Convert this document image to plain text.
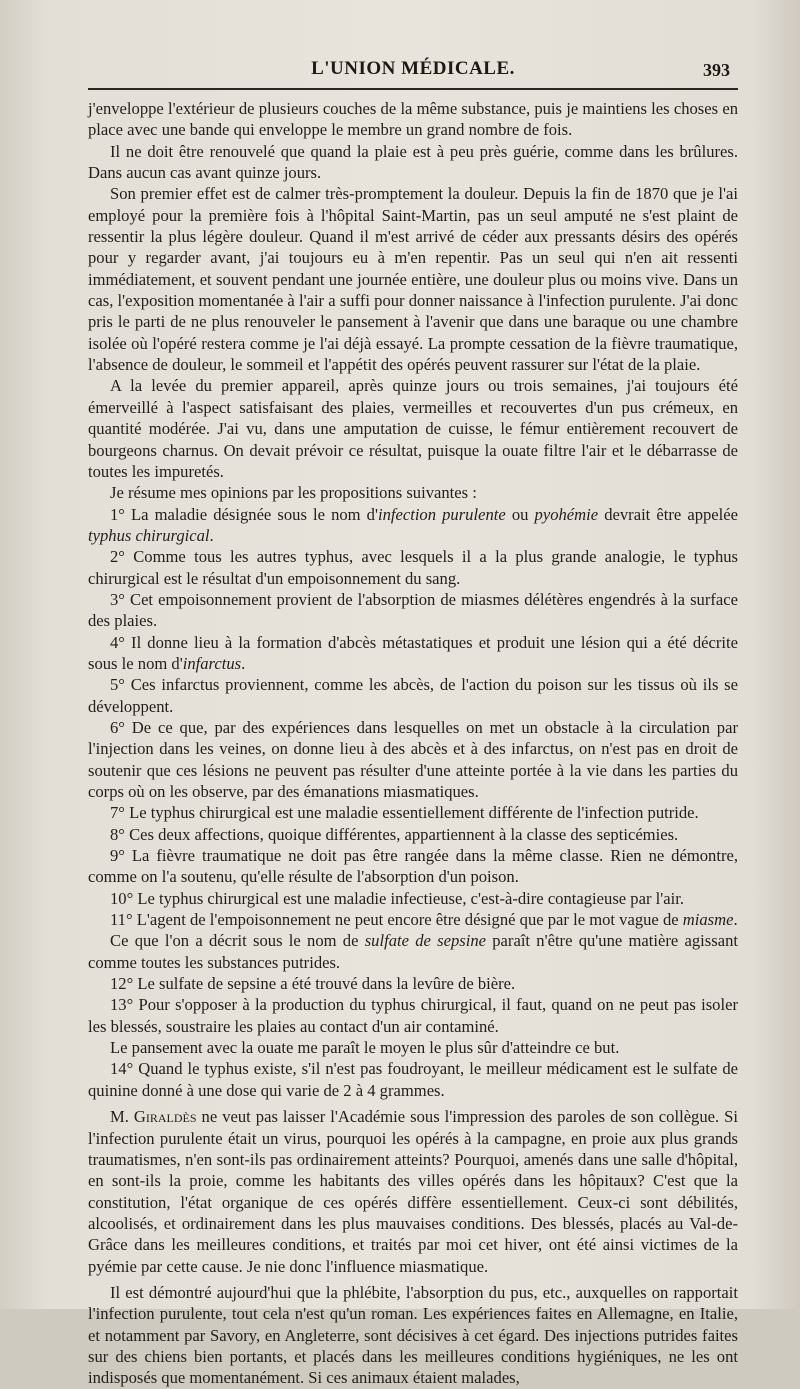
L'UNION MÉDICALE.	393

j'enveloppe l'extérieur de plusieurs couches de la même substance, puis je maintiens les choses en place avec une bande qui enveloppe le membre un grand nombre de fois.

Il ne doit être renouvelé que quand la plaie est à peu près guérie, comme dans les brûlures. Dans aucun cas avant quinze jours.

Son premier effet est de calmer très-promptement la douleur. Depuis la fin de 1870 que je l'ai employé pour la première fois à l'hôpital Saint-Martin, pas un seul amputé ne s'est plaint de ressentir la plus légère douleur. Quand il m'est arrivé de céder aux pressants désirs des opérés pour y regarder avant, j'ai toujours eu à m'en repentir. Pas un seul qui n'en ait ressenti immédiatement, et souvent pendant une journée entière, une douleur plus ou moins vive. Dans un cas, l'exposition momentanée à l'air a suffi pour donner naissance à l'infection purulente. J'ai donc pris le parti de ne plus renouveler le pansement à l'avenir que dans une baraque ou une chambre isolée où l'opéré restera comme je l'ai déjà essayé. La prompte cessation de la fièvre traumatique, l'absence de douleur, le sommeil et l'appétit des opérés peuvent rassurer sur l'état de la plaie.

A la levée du premier appareil, après quinze jours ou trois semaines, j'ai toujours été émerveillé à l'aspect satisfaisant des plaies, vermeilles et recouvertes d'un pus crémeux, en quantité modérée. J'ai vu, dans une amputation de cuisse, le fémur entièrement recouvert de bourgeons charnus. On devait prévoir ce résultat, puisque la ouate filtre l'air et le débarrasse de toutes les impuretés.

Je résume mes opinions par les propositions suivantes :

1° La maladie désignée sous le nom d'infection purulente ou pyohémie devrait être appelée typhus chirurgical.

2° Comme tous les autres typhus, avec lesquels il a la plus grande analogie, le typhus chirurgical est le résultat d'un empoisonnement du sang.

3° Cet empoisonnement provient de l'absorption de miasmes délétères engendrés à la surface des plaies.

4° Il donne lieu à la formation d'abcès métastatiques et produit une lésion qui a été décrite sous le nom d'infarctus.

5° Ces infarctus proviennent, comme les abcès, de l'action du poison sur les tissus où ils se développent.

6° De ce que, par des expériences dans lesquelles on met un obstacle à la circulation par l'injection dans les veines, on donne lieu à des abcès et à des infarctus, on n'est pas en droit de soutenir que ces lésions ne peuvent pas résulter d'une atteinte portée à la vie dans les parties du corps où on les observe, par des émanations miasmatiques.

7° Le typhus chirurgical est une maladie essentiellement différente de l'infection putride.

8° Ces deux affections, quoique différentes, appartiennent à la classe des septicémies.

9° La fièvre traumatique ne doit pas être rangée dans la même classe. Rien ne démontre, comme on l'a soutenu, qu'elle résulte de l'absorption d'un poison.

10° Le typhus chirurgical est une maladie infectieuse, c'est-à-dire contagieuse par l'air.

11° L'agent de l'empoisonnement ne peut encore être désigné que par le mot vague de miasme.

Ce que l'on a décrit sous le nom de sulfate de sepsine paraît n'être qu'une matière agissant comme toutes les substances putrides.

12° Le sulfate de sepsine a été trouvé dans la levûre de bière.

13° Pour s'opposer à la production du typhus chirurgical, il faut, quand on ne peut pas isoler les blessés, soustraire les plaies au contact d'un air contaminé.

Le pansement avec la ouate me paraît le moyen le plus sûr d'atteindre ce but.

14° Quand le typhus existe, s'il n'est pas foudroyant, le meilleur médicament est le sulfate de quinine donné à une dose qui varie de 2 à 4 grammes.

M. Giraldès ne veut pas laisser l'Académie sous l'impression des paroles de son collègue. Si l'infection purulente était un virus, pourquoi les opérés à la campagne, en proie aux plus grands traumatismes, n'en sont-ils pas ordinairement atteints? Pourquoi, amenés dans une salle d'hôpital, en sont-ils la proie, comme les habitants des villes opérés dans les hôpitaux? C'est que la constitution, l'état organique de ces opérés diffère essentiellement. Ceux-ci sont débilités, alcoolisés, et ordinairement dans les plus mauvaises conditions. Des blessés, placés au Val-de-Grâce dans les meilleures conditions, et traités par moi cet hiver, ont été ainsi victimes de la pyémie par cette cause. Je nie donc l'influence miasmatique.

Il est démontré aujourd'hui que la phlébite, l'absorption du pus, etc., auxquelles on rapportait l'infection purulente, tout cela n'est qu'un roman. Les expériences faites en Allemagne, en Italie, et notamment par Savory, en Angleterre, sont décisives à cet égard. Des injections putrides faites sur des chiens bien portants, et placés dans les meilleures conditions hygiéniques, ne les ont indisposés que momentanément. Si ces animaux étaient malades,
